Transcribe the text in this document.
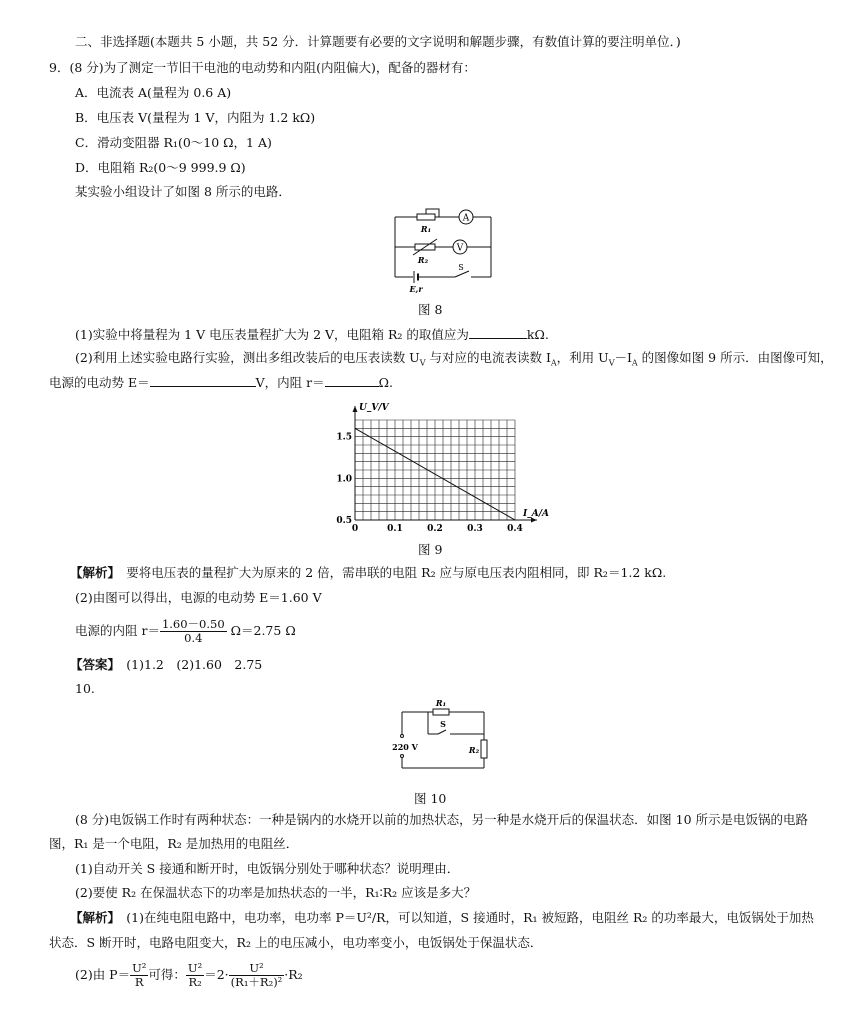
二、非选择题(本题共 5 小题，共 52 分．计算题要有必要的文字说明和解题步骤，有数值计算的要注明单位．)
9．(8 分)为了测定一节旧干电池的电动势和内阻(内阻偏大)，配备的器材有：
A．电流表 A(量程为 0.6 A)
B．电压表 V(量程为 1 V，内阻为 1.2 kΩ)
C．滑动变阻器 R₁(0～10 Ω，1 A)
D．电阻箱 R₂(0～9 999.9 Ω)
某实验小组设计了如图 8 所示的电路．
A
V
R₁
R₂
S
E,r
图 8
(1)实验中将量程为 1 V 电压表量程扩大为 2 V，电阻箱 R₂ 的取值应为	kΩ.
(2)利用上述实验电路行实验，测出多组改装后的电压表读数 $U_V$ 与对应的电流表读数 $I_A$，利用 $U_V-I_A$ 的图像如图 9 所示．由图像可知，
电源的电动势 E＝	V，内阻 r＝	Ω.
0	0.1	0.2	0.3	0.4
0.5
1.0
1.5
U_V/V
I_A/A
图 9
【解析】　 要将电压表的量程扩大为原来的 2 倍，需串联的电阻 R₂ 应与原电压表内阻相同，即 R₂＝1.2 kΩ.
(2)由图可以得出，电源的电动势 E＝1.60 V
电源的内阻 $r= \frac{1.60-0.50}{0.4} \Omega=2.75$ Ω
【答案】　 (1)1.2　(2)1.60　2.75
10.
R₁
S
220 V	R₂
图 10
(8 分)电饭锅工作时有两种状态：一种是锅内的水烧开以前的加热状态，另一种是水烧开后的保温状态．如图 10 所示是电饭锅的电路
图，R₁ 是一个电阻，R₂ 是加热用的电阻丝．
(1)自动开关 S 接通和断开时，电饭锅分别处于哪种状态？说明理由．
(2)要使 R₂ 在保温状态下的功率是加热状态的一半，R₁∶R₂ 应该是多大？
【解析】　 (1)在纯电阻电路中，电功率，电功率 P＝U²/R，可以知道，S 接通时，R₁ 被短路，电阻丝 R₂ 的功率最大，电饭锅处于加热
状态．S 断开时，电路电阻变大，R₂ 上的电压减小，电功率变小，电饭锅处于保温状态．
(2)由 $P= \frac{\text{U²}}{R}$ 可得： $\frac{\text{U²}}{\text{R₂}} =2\cdot \frac{\text{U²}}{\text{(R₁＋R₂)²}} \cdot R_2$
